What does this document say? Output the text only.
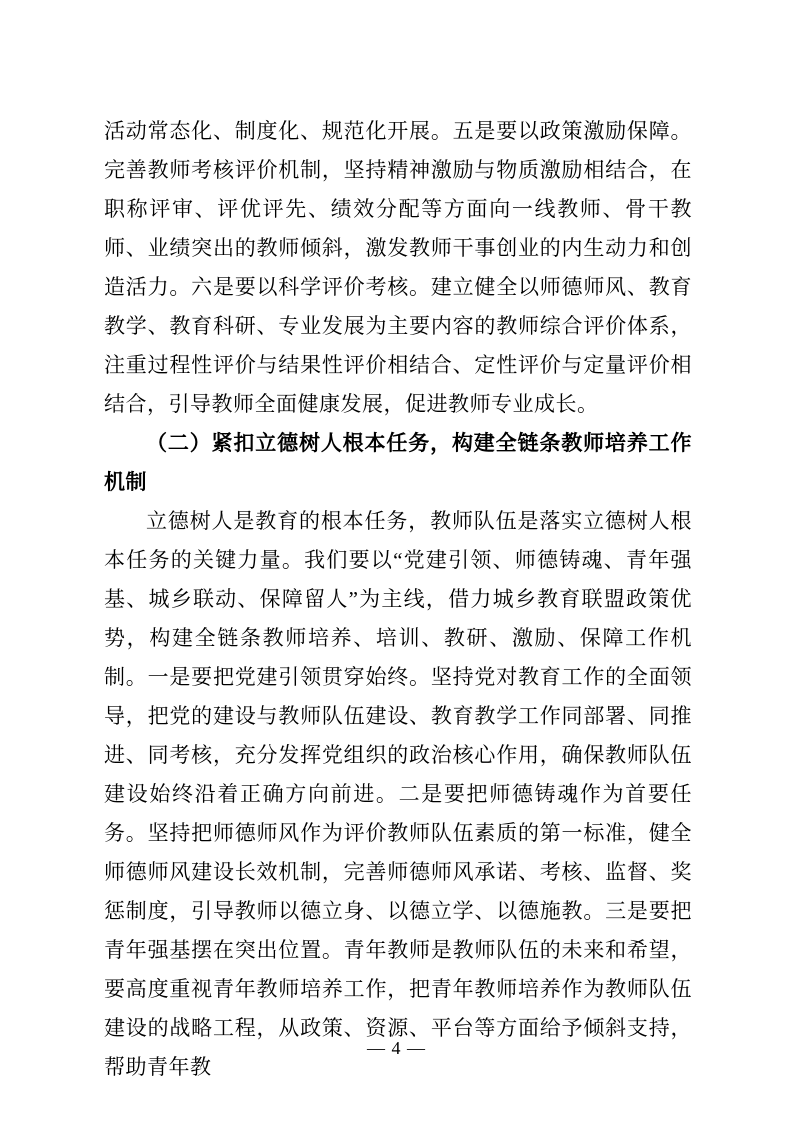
活动常态化、制度化、规范化开展。五是要以政策激励保障。完善教师考核评价机制，坚持精神激励与物质激励相结合，在职称评审、评优评先、绩效分配等方面向一线教师、骨干教师、业绩突出的教师倾斜，激发教师干事创业的内生动力和创造活力。六是要以科学评价考核。建立健全以师德师风、教育教学、教育科研、专业发展为主要内容的教师综合评价体系，注重过程性评价与结果性评价相结合、定性评价与定量评价相结合，引导教师全面健康发展，促进教师专业成长。

（二）紧扣立德树人根本任务，构建全链条教师培养工作机制

立德树人是教育的根本任务，教师队伍是落实立德树人根本任务的关键力量。我们要以“党建引领、师德铸魂、青年强基、城乡联动、保障留人”为主线，借力城乡教育联盟政策优势，构建全链条教师培养、培训、教研、激励、保障工作机制。一是要把党建引领贯穿始终。坚持党对教育工作的全面领导，把党的建设与教师队伍建设、教育教学工作同部署、同推进、同考核，充分发挥党组织的政治核心作用，确保教师队伍建设始终沿着正确方向前进。二是要把师德铸魂作为首要任务。坚持把师德师风作为评价教师队伍素质的第一标准，健全师德师风建设长效机制，完善师德师风承诺、考核、监督、奖惩制度，引导教师以德立身、以德立学、以德施教。三是要把青年强基摆在突出位置。青年教师是教师队伍的未来和希望，要高度重视青年教师培养工作，把青年教师培养作为教师队伍建设的战略工程，从政策、资源、平台等方面给予倾斜支持，帮助青年教

— 4 —
